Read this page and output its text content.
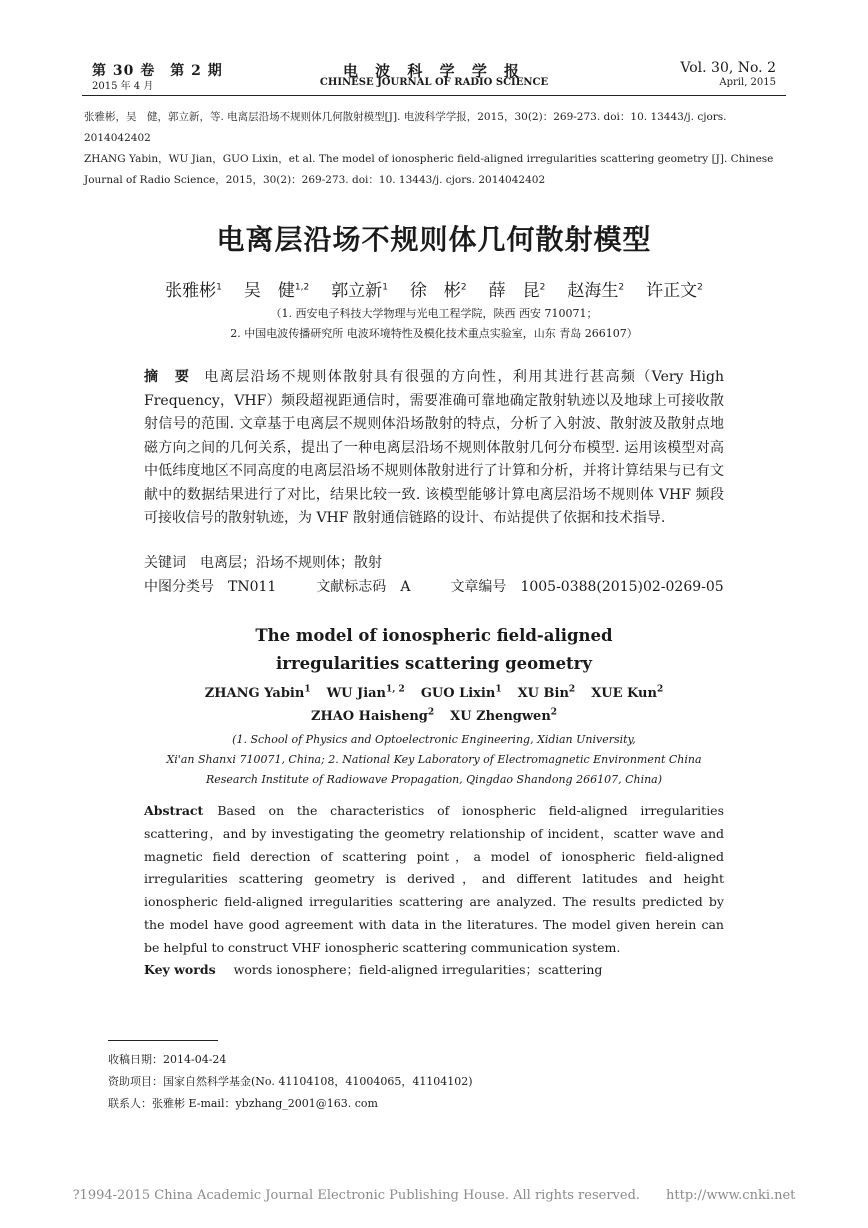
第 30 卷　第 2 期
2015 年 4 月
电 波 科 学 学 报
CHINESE JOURNAL OF RADIO SCIENCE
Vol. 30, No. 2
April, 2015
张雅彬，吴　健，郭立新，等. 电离层沿场不规则体几何散射模型[J]. 电波科学学报，2015，30(2)：269-273. doi：10. 13443/j. cjors. 2014042402
ZHANG Yabin，WU Jian，GUO Lixin，et al. The model of ionospheric field-aligned irregularities scattering geometry [J]. Chinese Journal of Radio Science，2015，30(2)：269-273. doi：10. 13443/j. cjors. 2014042402
电离层沿场不规则体几何散射模型
张雅彬$^1$ 吴　健$^{1,2}$ 郭立新$^1$ 徐　彬$^2$ 薛　昆$^2$ 赵海生$^2$ 许正文$^2$
（1. 西安电子科技大学物理与光电工程学院，陕西 西安 710071；
2. 中国电波传播研究所 电波环境特性及模化技术重点实验室，山东 青岛 266107）
摘　要 电离层沿场不规则体散射具有很强的方向性，利用其进行甚高频（Very High Frequency，VHF）频段超视距通信时，需要准确可靠地确定散射轨迹以及地球上可接收散射信号的范围. 文章基于电离层不规则体沿场散射的特点，分析了入射波、散射波及散射点地磁方向之间的几何关系，提出了一种电离层沿场不规则体散射几何分布模型. 运用该模型对高中低纬度地区不同高度的电离层沿场不规则体散射进行了计算和分析，并将计算结果与已有文献中的数据结果进行了对比，结果比较一致. 该模型能够计算电离层沿场不规则体 VHF 频段可接收信号的散射轨迹，为 VHF 散射通信链路的设计、布站提供了依据和技术指导.
关键词 电离层；沿场不规则体；散射
中图分类号 TN011	文献标志码 A	文章编号 1005-0388(2015)02-0269-05
The model of ionospheric field-aligned
irregularities scattering geometry
ZHANG Yabin$^1$ WU Jian$^{1, 2}$ GUO Lixin$^1$ XU Bin$^2$ XUE Kun$^2$
ZHAO Haisheng$^2$ XU Zhengwen$^2$
(1. School of Physics and Optoelectronic Engineering, Xidian University,
Xi'an Shanxi 710071, China; 2. National Key Laboratory of Electromagnetic Environment China
Research Institute of Radiowave Propagation, Qingdao Shandong 266107, China)
Abstract Based on the characteristics of ionospheric field-aligned irregularities scattering，and by investigating the geometry relationship of incident，scatter wave and magnetic field derection of scattering point，a model of ionospheric field-aligned irregularities scattering geometry is derived，and different latitudes and height ionospheric field-aligned irregularities scattering are analyzed. The results predicted by the model have good agreement with data in the literatures. The model given herein can be helpful to construct VHF ionospheric scattering communication system.
Key words words ionosphere；field-aligned irregularities；scattering
收稿日期：2014-04-24
资助项目：国家自然科学基金(No. 41104108，41004065，41104102)
联系人：张雅彬 E-mail：ybzhang_2001@163. com
?1994-2015 China Academic Journal Electronic Publishing House. All rights reserved.　　http://www.cnki.net
